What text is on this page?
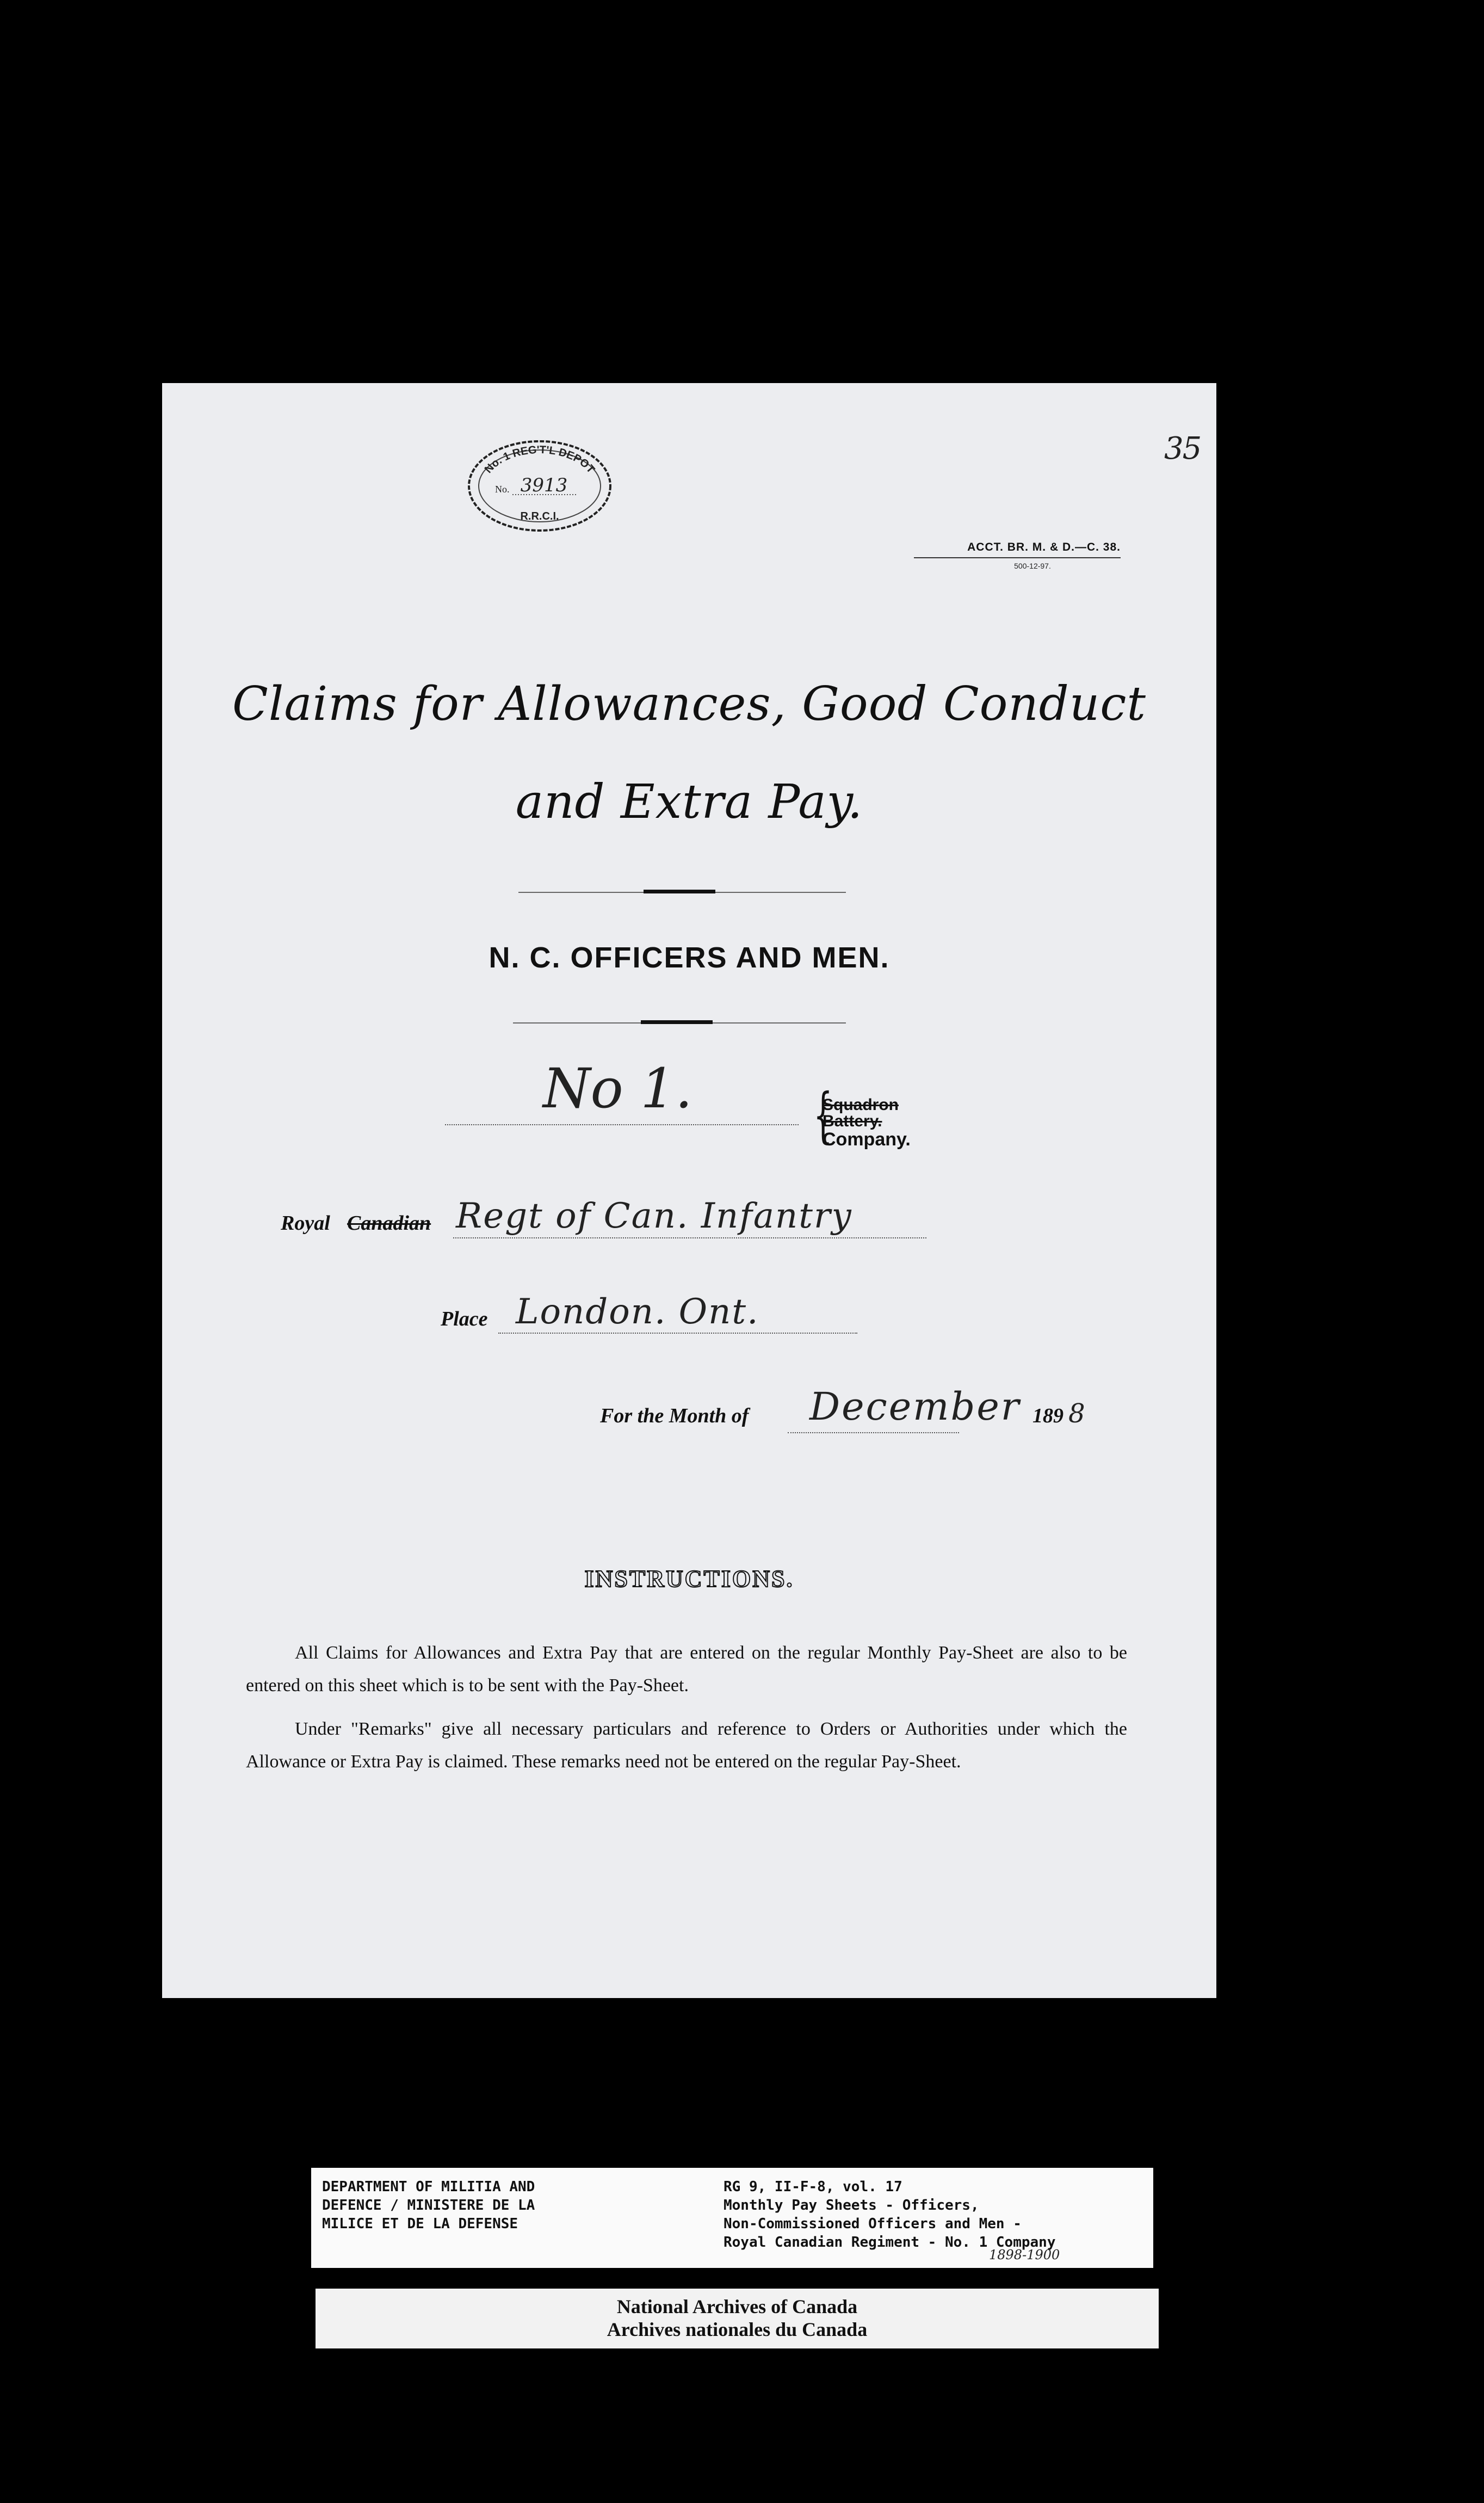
35
No. 1 REG'T'L DEPOT
No. 3913
R.R.C.I.
ACCT. BR. M. & D.—C. 38.
500-12-97.
Claims for Allowances, Good Conduct
and Extra Pay.
N. C. OFFICERS AND MEN.
No 1. {
Squadron
Battery.
Company.
Royal Canadian Regt of Can. Infantry
Place London. Ont.
For the Month of December 189 8
INSTRUCTIONS.
All Claims for Allowances and Extra Pay that are entered on the regular Monthly Pay-Sheet are also to be entered on this sheet which is to be sent with the Pay-Sheet.
Under "Remarks" give all necessary particulars and reference to Orders or Authorities under which the Allowance or Extra Pay is claimed. These remarks need not be entered on the regular Pay-Sheet.
DEPARTMENT OF MILITIA AND
DEFENCE / MINISTERE DE LA
MILICE ET DE LA DEFENSE
RG 9, II-F-8, vol. 17
Monthly Pay Sheets - Officers,
Non-Commissioned Officers and Men -
Royal Canadian Regiment - No. 1 Company
1898-1900
National Archives of Canada
Archives nationales du Canada
